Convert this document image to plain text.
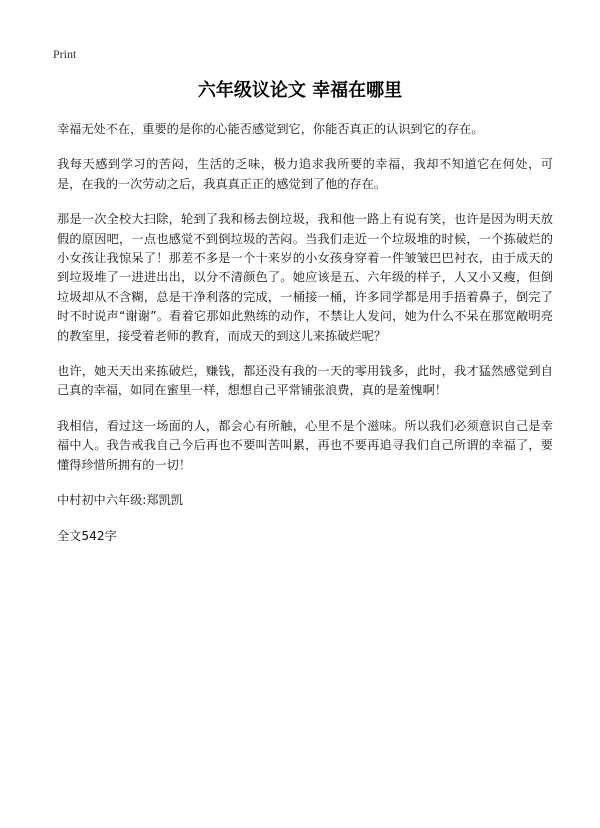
Print
六年级议论文 幸福在哪里

幸福无处不在，重要的是你的心能否感觉到它，你能否真正的认识到它的存在。

我每天感到学习的苦闷，生活的乏味，极力追求我所要的幸福，我却不知道它在何处，可是，在我的一次劳动之后，我真真正正的感觉到了他的存在。

那是一次全校大扫除，轮到了我和杨去倒垃圾，我和他一路上有说有笑，也许是因为明天放假的原因吧，一点也感觉不到倒垃圾的苦闷。当我们走近一个垃圾堆的时候，一个拣破烂的小女孩让我惊呆了！那差不多是一个十来岁的小女孩身穿着一件皱皱巴巴衬衣，由于成天的到垃圾堆了一进进出出，以分不清颜色了。她应该是五、六年级的样子，人又小又瘦，但倒垃圾却从不含糊，总是干净利落的完成，一桶接一桶，许多同学都是用手捂着鼻子，倒完了时不时说声“谢谢”。看着它那如此熟练的动作，不禁让人发问，她为什么不呆在那宽敞明亮的教室里，接受着老师的教育，而成天的到这儿来拣破烂呢？

也许，她天天出来拣破烂，赚钱，都还没有我的一天的零用钱多，此时，我才猛然感觉到自己真的幸福，如同在蜜里一样，想想自己平常铺张浪费，真的是羞愧啊！

我相信，看过这一场面的人，都会心有所触，心里不是个滋味。所以我们必须意识自己是幸福中人。我告戒我自己今后再也不要叫苦叫累，再也不要再追寻我们自己所谓的幸福了，要懂得珍惜所拥有的一切！

中村初中六年级:郑凯凯

全文542字
